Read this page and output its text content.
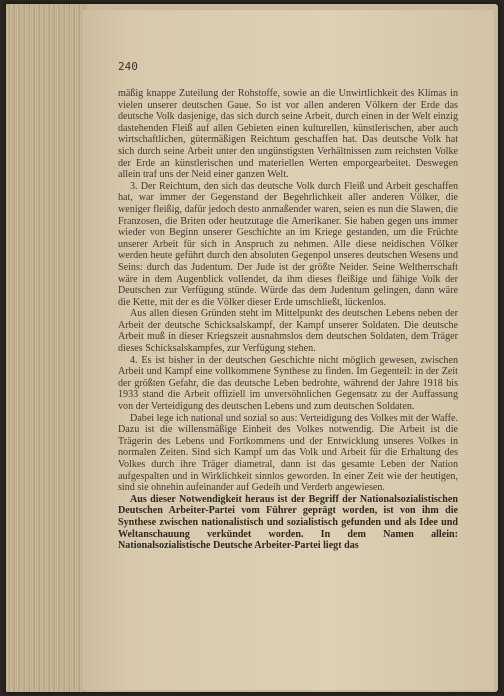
240

mäßig knappe Zuteilung der Rohstoffe, sowie an die Unwirtlichkeit des Klimas in vielen unserer deutschen Gaue. So ist vor allen anderen Völkern der Erde das deutsche Volk dasjenige, das sich durch seine Arbeit, durch einen in der Welt einzig dastehenden Fleiß auf allen Gebieten einen kulturellen, künstlerischen, aber auch wirtschaftlichen, gütermäßigen Reichtum geschaffen hat. Das deutsche Volk hat sich durch seine Arbeit unter den ungünstigsten Verhältnissen zum reichsten Volke der Erde an künstlerischen und materiellen Werten emporgearbeitet. Deswegen allein traf uns der Neid einer ganzen Welt.

3. Der Reichtum, den sich das deutsche Volk durch Fleiß und Arbeit geschaffen hat, war immer der Gegenstand der Begehrlichkeit aller anderen Völker, die weniger fleißig, dafür jedoch desto anmaßender waren, seien es nun die Slawen, die Franzosen, die Briten oder heutzutage die Amerikaner. Sie haben gegen uns immer wieder von Beginn unserer Geschichte an im Kriege gestanden, um die Früchte unserer Arbeit für sich in Anspruch zu nehmen. Alle diese neidischen Völker werden heute geführt durch den absoluten Gegenpol unseres deutschen Wesens und Seins: durch das Judentum. Der Jude ist der größte Neider. Seine Weltherrschaft wäre in dem Augenblick vollendet, da ihm dieses fleißige und fähige Volk der Deutschen zur Verfügung stünde. Würde das dem Judentum gelingen, dann wäre die Kette, mit der es die Völker dieser Erde umschließt, lückenlos.

Aus allen diesen Gründen steht im Mittelpunkt des deutschen Lebens neben der Arbeit der deutsche Schicksalskampf, der Kampf unserer Soldaten. Die deutsche Arbeit muß in dieser Kriegszeit ausnahmslos dem deutschen Soldaten, dem Träger dieses Schicksalskampfes, zur Verfügung stehen.

4. Es ist bisher in der deutschen Geschichte nicht möglich gewesen, zwischen Arbeit und Kampf eine vollkommene Synthese zu finden. Im Gegenteil: in der Zeit der größten Gefahr, die das deutsche Leben bedrohte, während der Jahre 1918 bis 1933 stand die Arbeit offiziell im unversöhnlichen Gegensatz zu der Auffassung von der Verteidigung des deutschen Lebens und zum deutschen Soldaten.

Dabei lege ich national und sozial so aus: Verteidigung des Volkes mit der Waffe. Dazu ist die willensmäßige Einheit des Volkes notwendig. Die Arbeit ist die Trägerin des Lebens und Fortkommens und der Entwicklung unseres Volkes in normalen Zeiten. Sind sich Kampf um das Volk und Arbeit für die Erhaltung des Volkes durch ihre Träger diametral, dann ist das gesamte Leben der Nation aufgespalten und in Wirklichkeit sinnlos geworden. In einer Zeit wie der heutigen, sind sie ohnehin aufeinander auf Gedeih und Verderb angewiesen.

Aus dieser Notwendigkeit heraus ist der Begriff der Nationalsozialistischen Deutschen Arbeiter-Partei vom Führer geprägt worden, ist von ihm die Synthese zwischen nationalistisch und sozialistisch gefunden und als Idee und Weltanschauung verkündet worden. In dem Namen allein: Nationalsozialistische Deutsche Arbeiter-Partei liegt das
